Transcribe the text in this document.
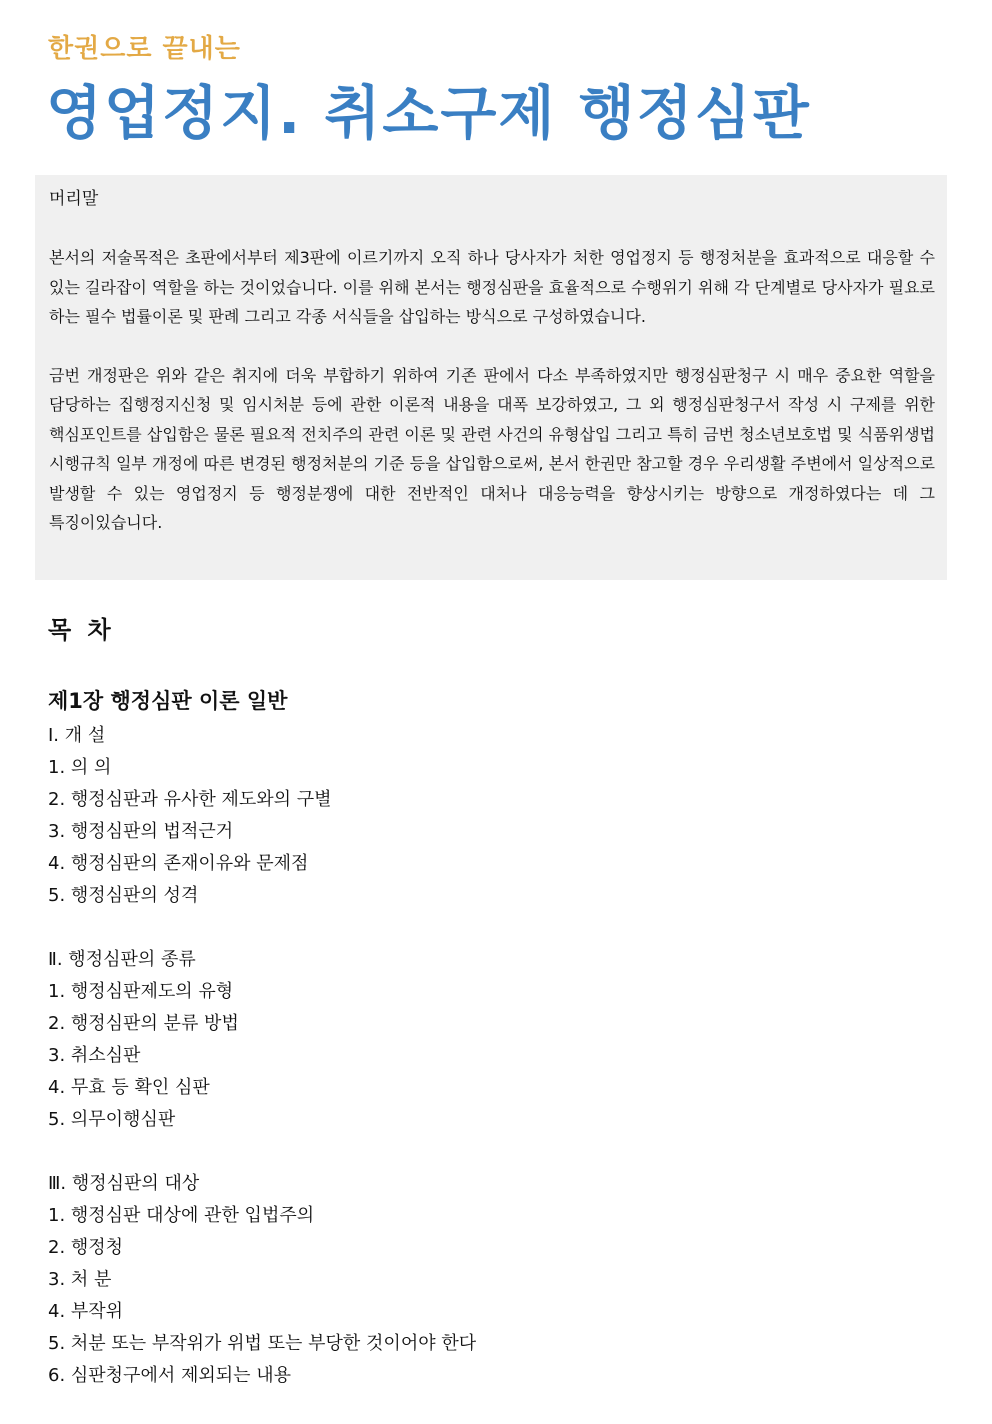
한권으로 끝내는
영업정지. 취소구제 행정심판
머리말

본서의 저술목적은 초판에서부터 제3판에 이르기까지 오직 하나 당사자가 처한 영업정지 등 행정처분을 효과적으로 대응할 수 있는 길라잡이 역할을 하는 것이었습니다. 이를 위해 본서는 행정심판을 효율적으로 수행위기 위해 각 단계별로 당사자가 필요로 하는 필수 법률이론 및 판례 그리고 각종 서식들을 삽입하는 방식으로 구성하였습니다.

금번 개정판은 위와 같은 취지에 더욱 부합하기 위하여 기존 판에서 다소 부족하였지만 행정심판청구 시 매우 중요한 역할을 담당하는 집행정지신청 및 임시처분 등에 관한 이론적 내용을 대폭 보강하였고, 그 외 행정심판청구서 작성 시 구제를 위한 핵심포인트를 삽입함은 물론 필요적 전치주의 관련 이론 및 관련 사건의 유형삽입 그리고 특히 금번 청소년보호법 및 식품위생법 시행규칙 일부 개정에 따른 변경된 행정처분의 기준 등을 삽입함으로써, 본서 한권만 참고할 경우 우리생활 주변에서 일상적으로 발생할 수 있는 영업정지 등 행정분쟁에 대한 전반적인 대처나 대응능력을 향상시키는 방향으로 개정하였다는 데 그 특징이있습니다.

목 차
제1장 행정심판 이론 일반
Ⅰ. 개 설
1. 의 의
2. 행정심판과 유사한 제도와의 구별
3. 행정심판의 법적근거
4. 행정심판의 존재이유와 문제점
5. 행정심판의 성격
Ⅱ. 행정심판의 종류
1. 행정심판제도의 유형
2. 행정심판의 분류 방법
3. 취소심판
4. 무효 등 확인 심판
5. 의무이행심판
Ⅲ. 행정심판의 대상
1. 행정심판 대상에 관한 입법주의
2. 행정청
3. 처 분
4. 부작위
5. 처분 또는 부작위가 위법 또는 부당한 것이어야 한다
6. 심판청구에서 제외되는 내용
